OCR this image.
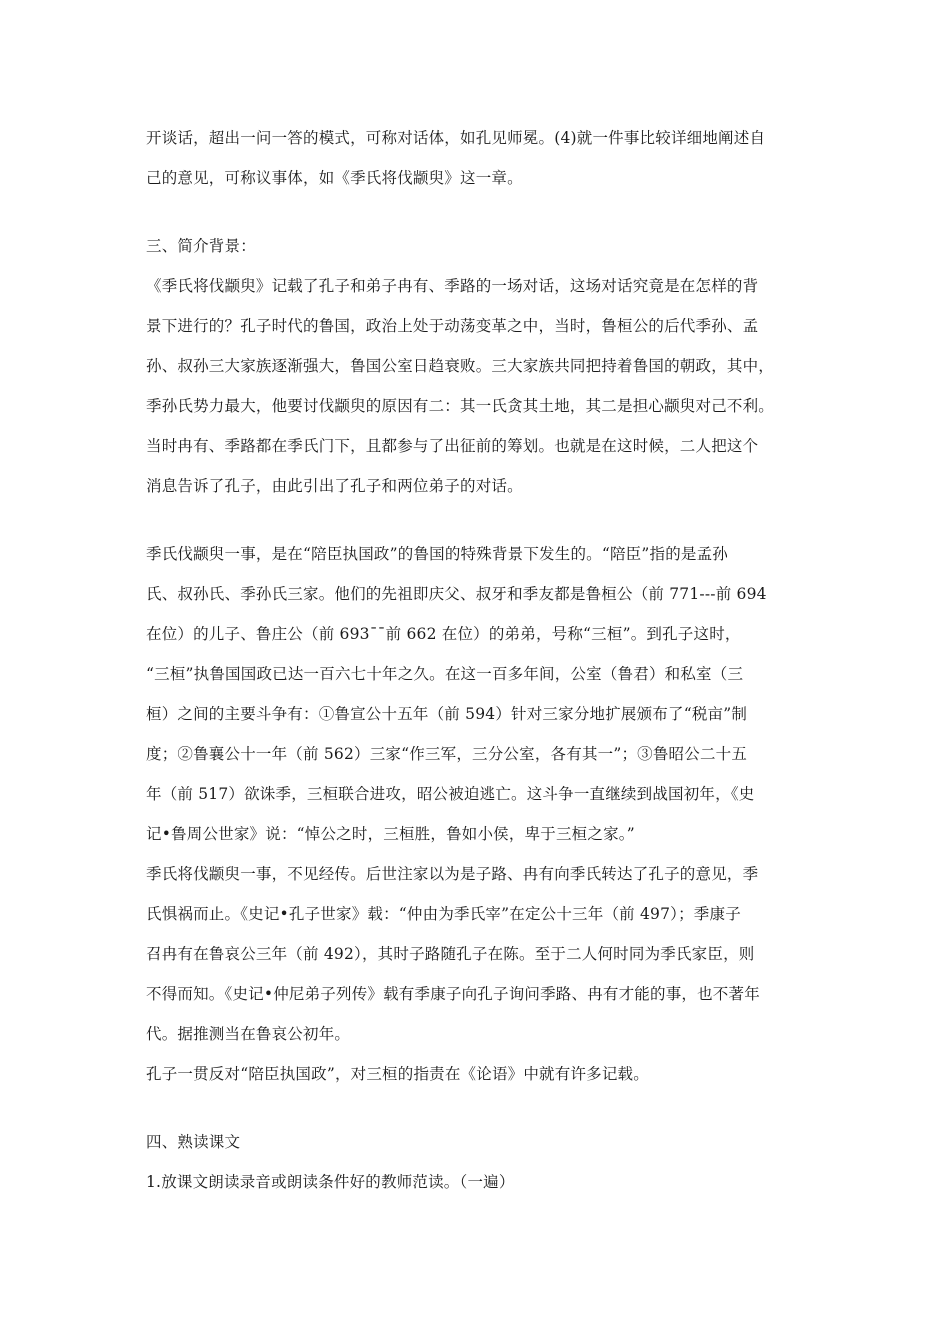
开谈话，超出一问一答的模式，可称对话体，如孔见师冕。(4)就一件事比较详细地阐述自
己的意见，可称议事体，如《季氏将伐颛臾》这一章。

三、简介背景：

《季氏将伐颛臾》记载了孔子和弟子冉有、季路的一场对话，这场对话究竟是在怎样的背
景下进行的？孔子时代的鲁国，政治上处于动荡变革之中，当时，鲁桓公的后代季孙、孟
孙、叔孙三大家族逐渐强大，鲁国公室日趋衰败。三大家族共同把持着鲁国的朝政，其中，
季孙氏势力最大，他要讨伐颛臾的原因有二：其一氏贪其土地，其二是担心颛臾对己不利。
当时冉有、季路都在季氏门下，且都参与了出征前的筹划。也就是在这时候，二人把这个
消息告诉了孔子，由此引出了孔子和两位弟子的对话。

季氏伐颛臾一事，是在“陪臣执国政”的鲁国的特殊背景下发生的。“陪臣”指的是孟孙
氏、叔孙氏、季孙氏三家。他们的先祖即庆父、叔牙和季友都是鲁桓公（前 771---前 694
在位）的儿子、鲁庄公（前 693¯¯前 662 在位）的弟弟，号称“三桓”。到孔子这时，
“三桓”执鲁国国政已达一百六七十年之久。在这一百多年间，公室（鲁君）和私室（三
桓）之间的主要斗争有：①鲁宣公十五年（前 594）针对三家分地扩展颁布了“税亩”制
度；②鲁襄公十一年（前 562）三家“作三军，三分公室，各有其一”；③鲁昭公二十五
年（前 517）欲诛季，三桓联合进攻，昭公被迫逃亡。这斗争一直继续到战国初年，《史
记•鲁周公世家》说：“悼公之时，三桓胜，鲁如小侯，卑于三桓之家。”

季氏将伐颛臾一事，不见经传。后世注家以为是子路、冉有向季氏转达了孔子的意见，季
氏惧祸而止。《史记•孔子世家》载：“仲由为季氏宰”在定公十三年（前 497）；季康子
召冉有在鲁哀公三年（前 492），其时子路随孔子在陈。至于二人何时同为季氏家臣，则
不得而知。《史记•仲尼弟子列传》载有季康子向孔子询问季路、冉有才能的事，也不著年
代。据推测当在鲁哀公初年。

孔子一贯反对“陪臣执国政”，对三桓的指责在《论语》中就有许多记载。

四、熟读课文

1.放课文朗读录音或朗读条件好的教师范读。（一遍）
